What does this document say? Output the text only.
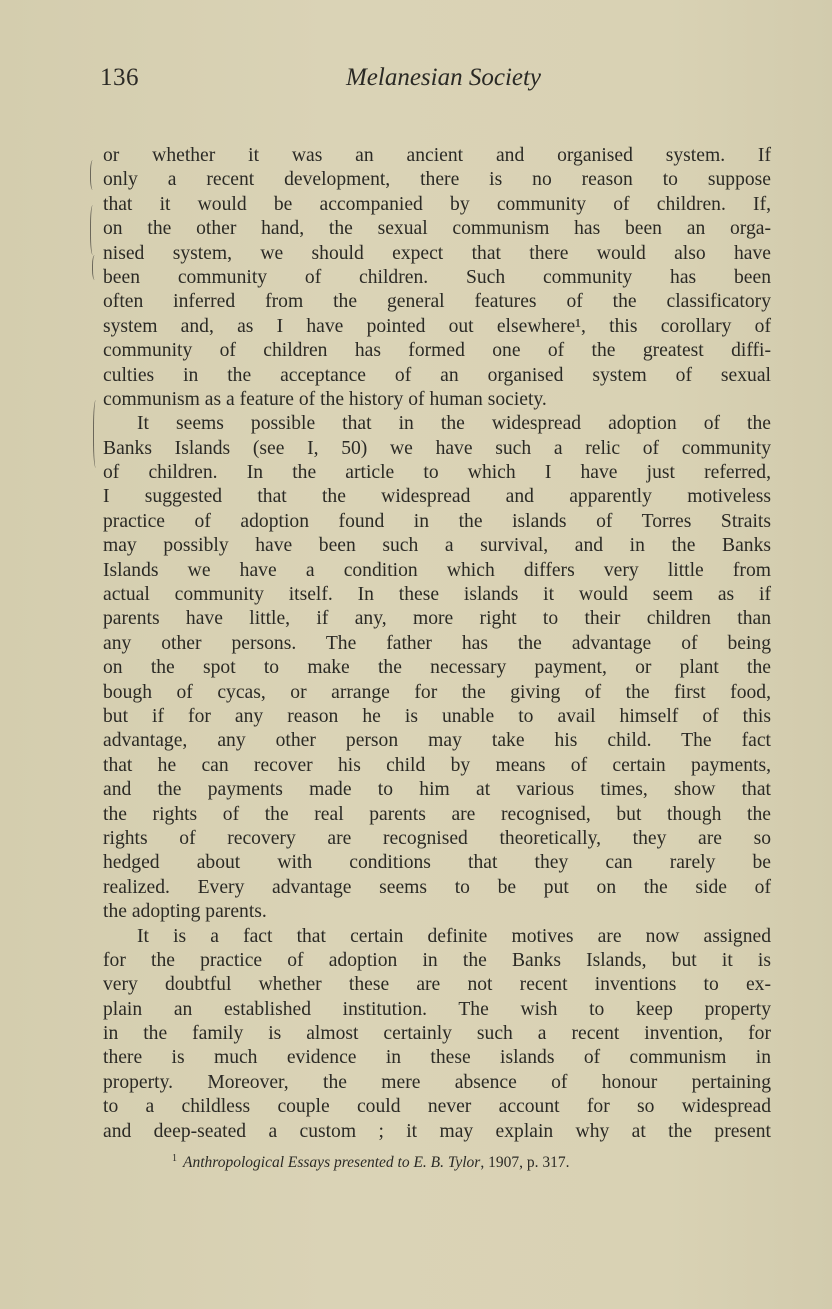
136	Melanesian Society
or whether it was an ancient and organised system. If
only a recent development, there is no reason to suppose
that it would be accompanied by community of children. If,
on the other hand, the sexual communism has been an orga-
nised system, we should expect that there would also have
been community of children. Such community has been
often inferred from the general features of the classificatory
system and, as I have pointed out elsewhere¹, this corollary of
community of children has formed one of the greatest diffi-
culties in the acceptance of an organised system of sexual
communism as a feature of the history of human society.
It seems possible that in the widespread adoption of the
Banks Islands (see I, 50) we have such a relic of community
of children. In the article to which I have just referred,
I suggested that the widespread and apparently motiveless
practice of adoption found in the islands of Torres Straits
may possibly have been such a survival, and in the Banks
Islands we have a condition which differs very little from
actual community itself. In these islands it would seem as if
parents have little, if any, more right to their children than
any other persons. The father has the advantage of being
on the spot to make the necessary payment, or plant the
bough of cycas, or arrange for the giving of the first food,
but if for any reason he is unable to avail himself of this
advantage, any other person may take his child. The fact
that he can recover his child by means of certain payments,
and the payments made to him at various times, show that
the rights of the real parents are recognised, but though the
rights of recovery are recognised theoretically, they are so
hedged about with conditions that they can rarely be
realized. Every advantage seems to be put on the side of
the adopting parents.
It is a fact that certain definite motives are now assigned
for the practice of adoption in the Banks Islands, but it is
very doubtful whether these are not recent inventions to ex-
plain an established institution. The wish to keep property
in the family is almost certainly such a recent invention, for
there is much evidence in these islands of communism in
property. Moreover, the mere absence of honour pertaining
to a childless couple could never account for so widespread
and deep-seated a custom ; it may explain why at the present
$^1$ Anthropological Essays presented to E. B. Tylor, 1907, p. 317.
